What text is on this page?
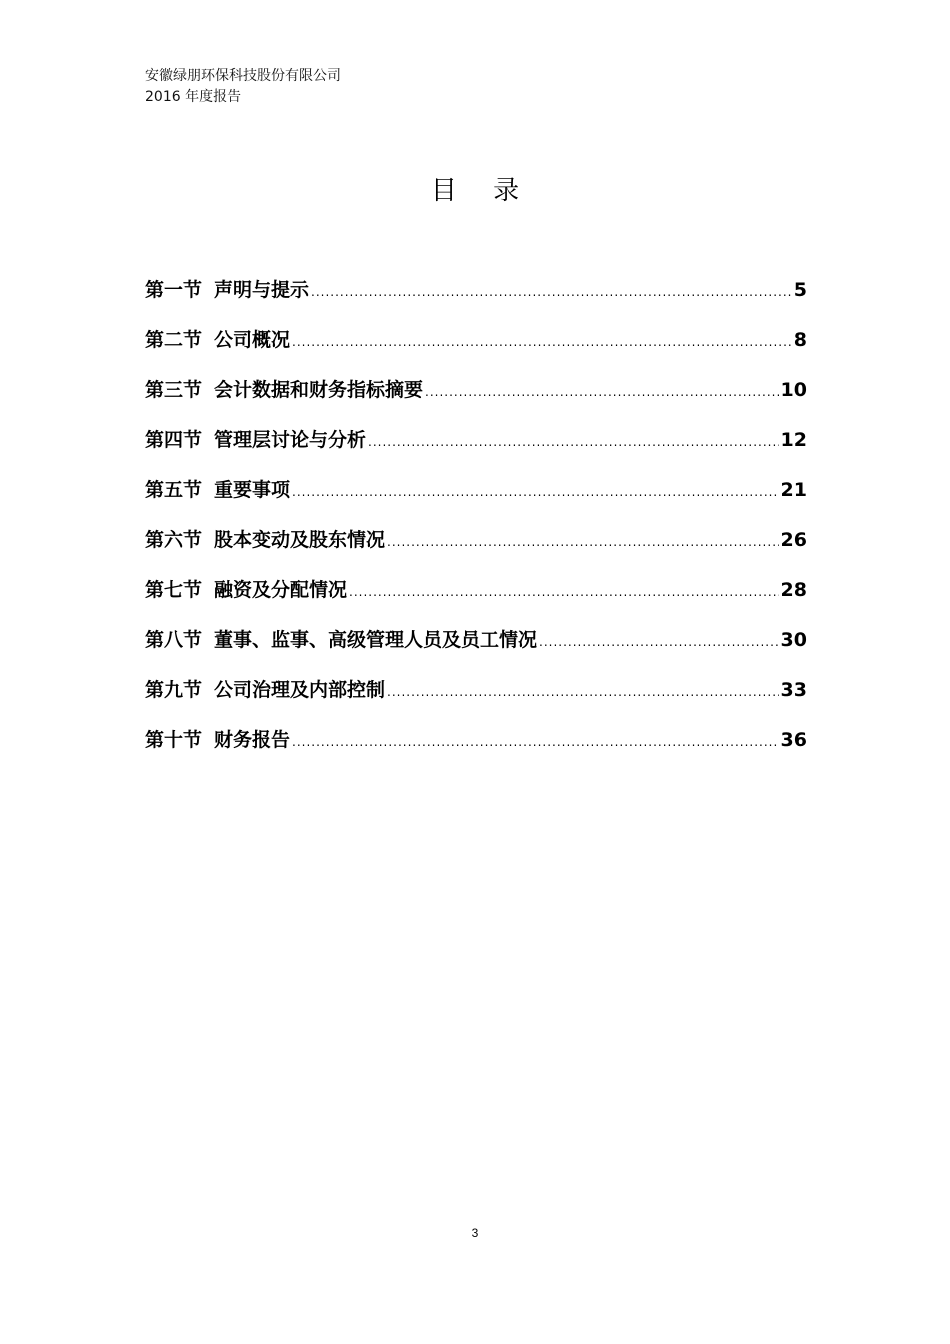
安徽绿朋环保科技股份有限公司
2016 年度报告
目 录
第一节 声明与提示 .....	5
第二节 公司概况 .....	8
第三节 会计数据和财务指标摘要 .....	10
第四节 管理层讨论与分析 .....	12
第五节 重要事项 .....	21
第六节 股本变动及股东情况 .....	26
第七节 融资及分配情况 .....	28
第八节 董事、监事、高级管理人员及员工情况 .....	30
第九节 公司治理及内部控制 .....	33
第十节 财务报告 .....	36
3
